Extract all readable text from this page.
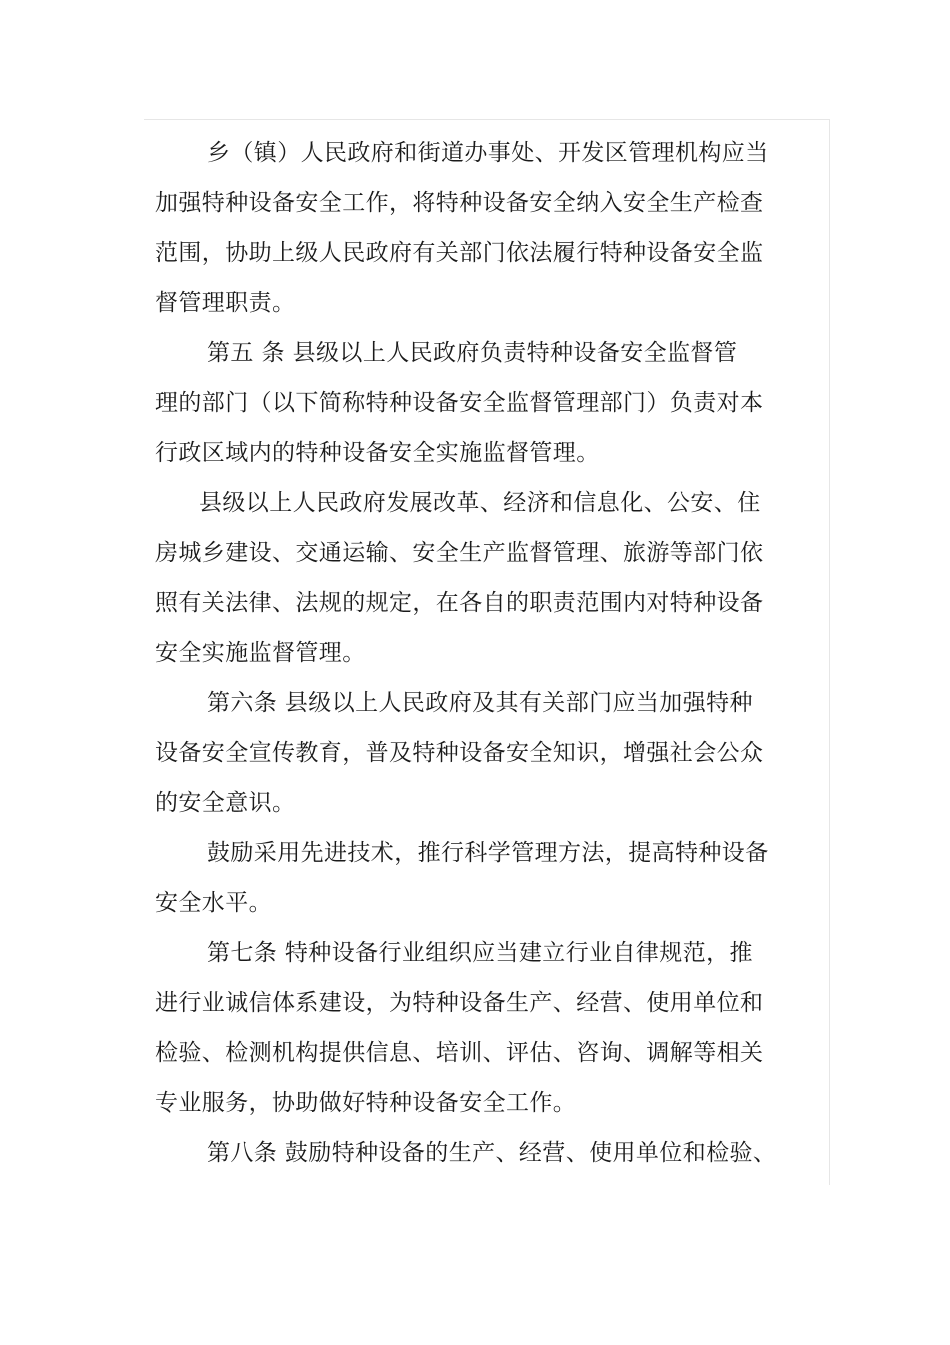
乡（镇）人民政府和街道办事处、开发区管理机构应当
加强特种设备安全工作，将特种设备安全纳入安全生产检查
范围，协助上级人民政府有关部门依法履行特种设备安全监
督管理职责。
第五 条 县级以上人民政府负责特种设备安全监督管
理的部门（以下简称特种设备安全监督管理部门）负责对本
行政区域内的特种设备安全实施监督管理。
县级以上人民政府发展改革、经济和信息化、公安、住
房城乡建设、交通运输、安全生产监督管理、旅游等部门依
照有关法律、法规的规定，在各自的职责范围内对特种设备
安全实施监督管理。
第六条 县级以上人民政府及其有关部门应当加强特种
设备安全宣传教育，普及特种设备安全知识，增强社会公众
的安全意识。
鼓励采用先进技术，推行科学管理方法，提高特种设备
安全水平。
第七条 特种设备行业组织应当建立行业自律规范，推
进行业诚信体系建设，为特种设备生产、经营、使用单位和
检验、检测机构提供信息、培训、评估、咨询、调解等相关
专业服务，协助做好特种设备安全工作。
第八条 鼓励特种设备的生产、经营、使用单位和检验、
